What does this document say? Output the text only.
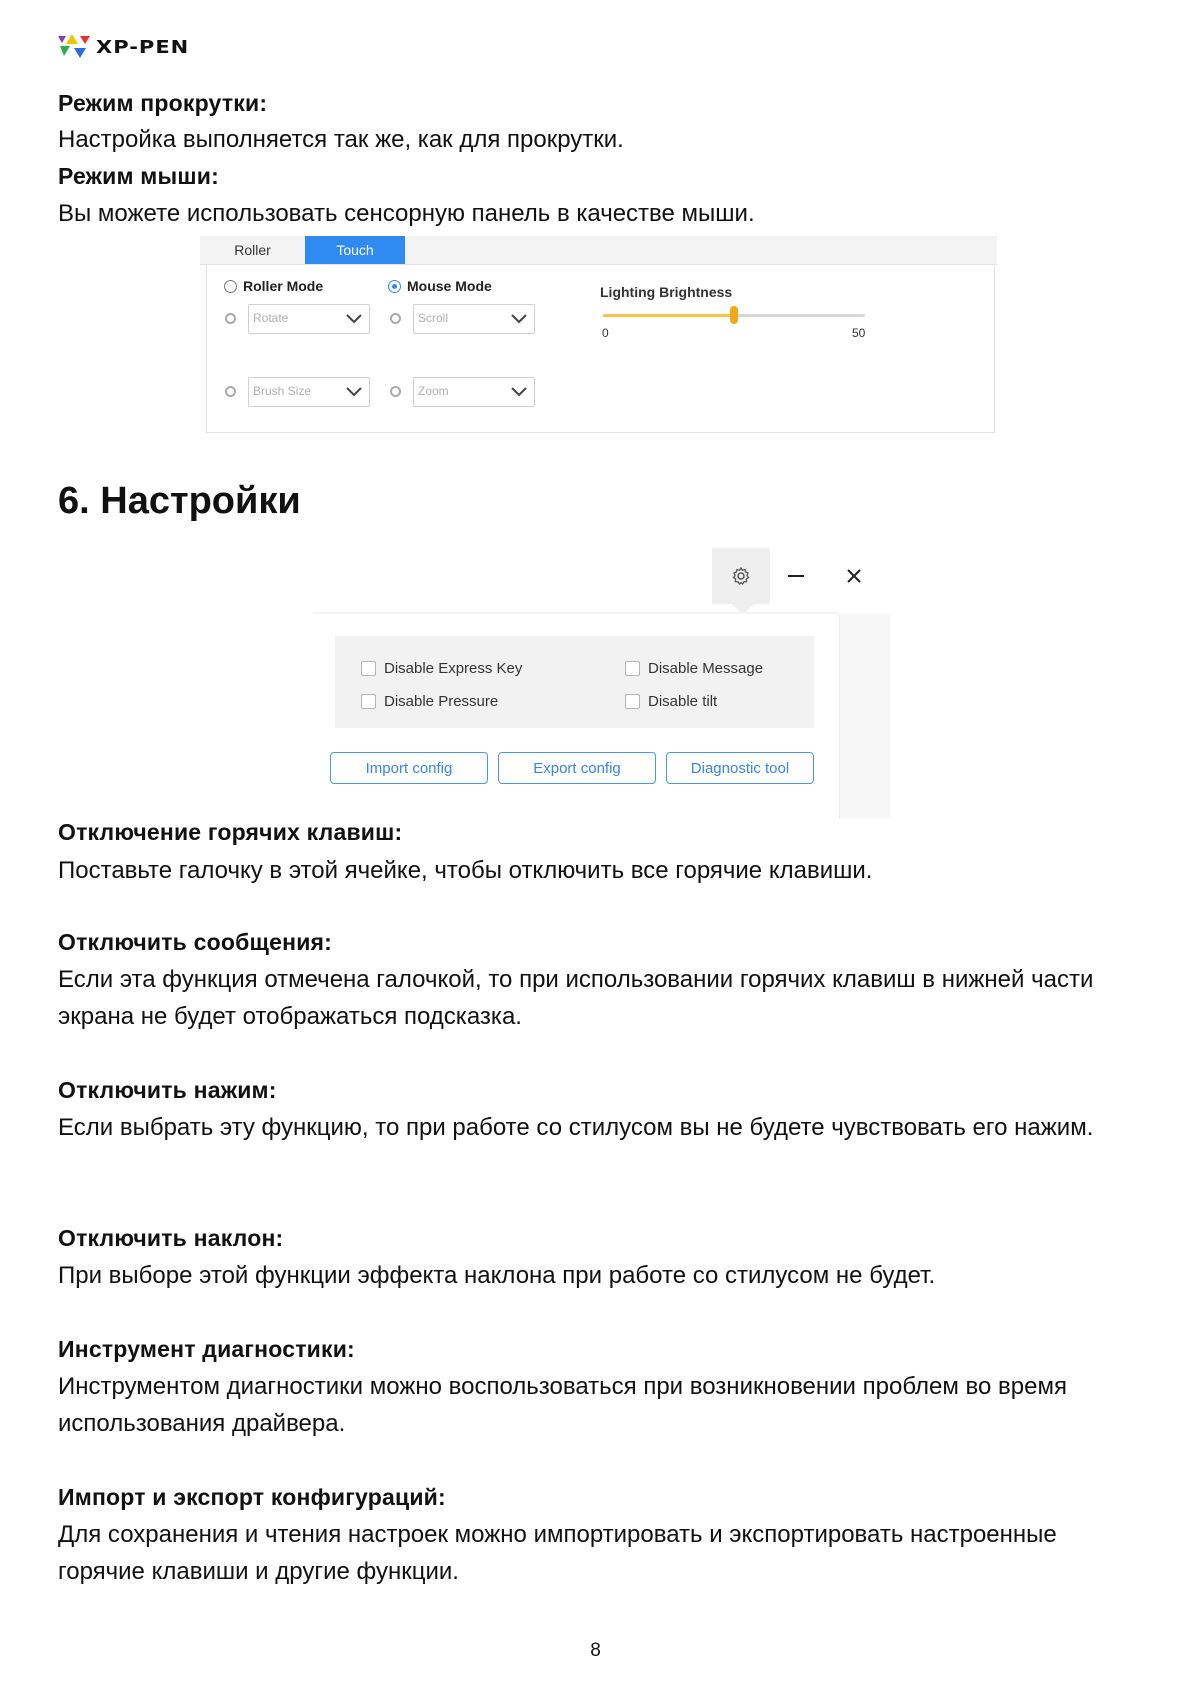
XP-PEN
Режим прокрутки:
Настройка выполняется так же, как для прокрутки.
Режим мыши:
Вы можете использовать сенсорную панель в качестве мыши.
Roller	Touch
Roller Mode	Mouse Mode
Rotate	Scroll
Brush Size	Zoom
Lighting Brightness
0	50
6. Настройки
Disable Express Key	Disable Message
Disable Pressure	Disable tilt
Import config	Export config	Diagnostic tool
Отключение горячих клавиш:
Поставьте галочку в этой ячейке, чтобы отключить все горячие клавиши.
Отключить сообщения:
Если эта функция отмечена галочкой, то при использовании горячих клавиш в нижней части экрана не будет отображаться подсказка.
Отключить нажим:
Если выбрать эту функцию, то при работе со стилусом вы не будете чувствовать его нажим.
Отключить наклон:
При выборе этой функции эффекта наклона при работе со стилусом не будет.
Инструмент диагностики:
Инструментом диагностики можно воспользоваться при возникновении проблем во время использования драйвера.
Импорт и экспорт конфигураций:
Для сохранения и чтения настроек можно импортировать и экспортировать настроенные горячие клавиши и другие функции.
8
